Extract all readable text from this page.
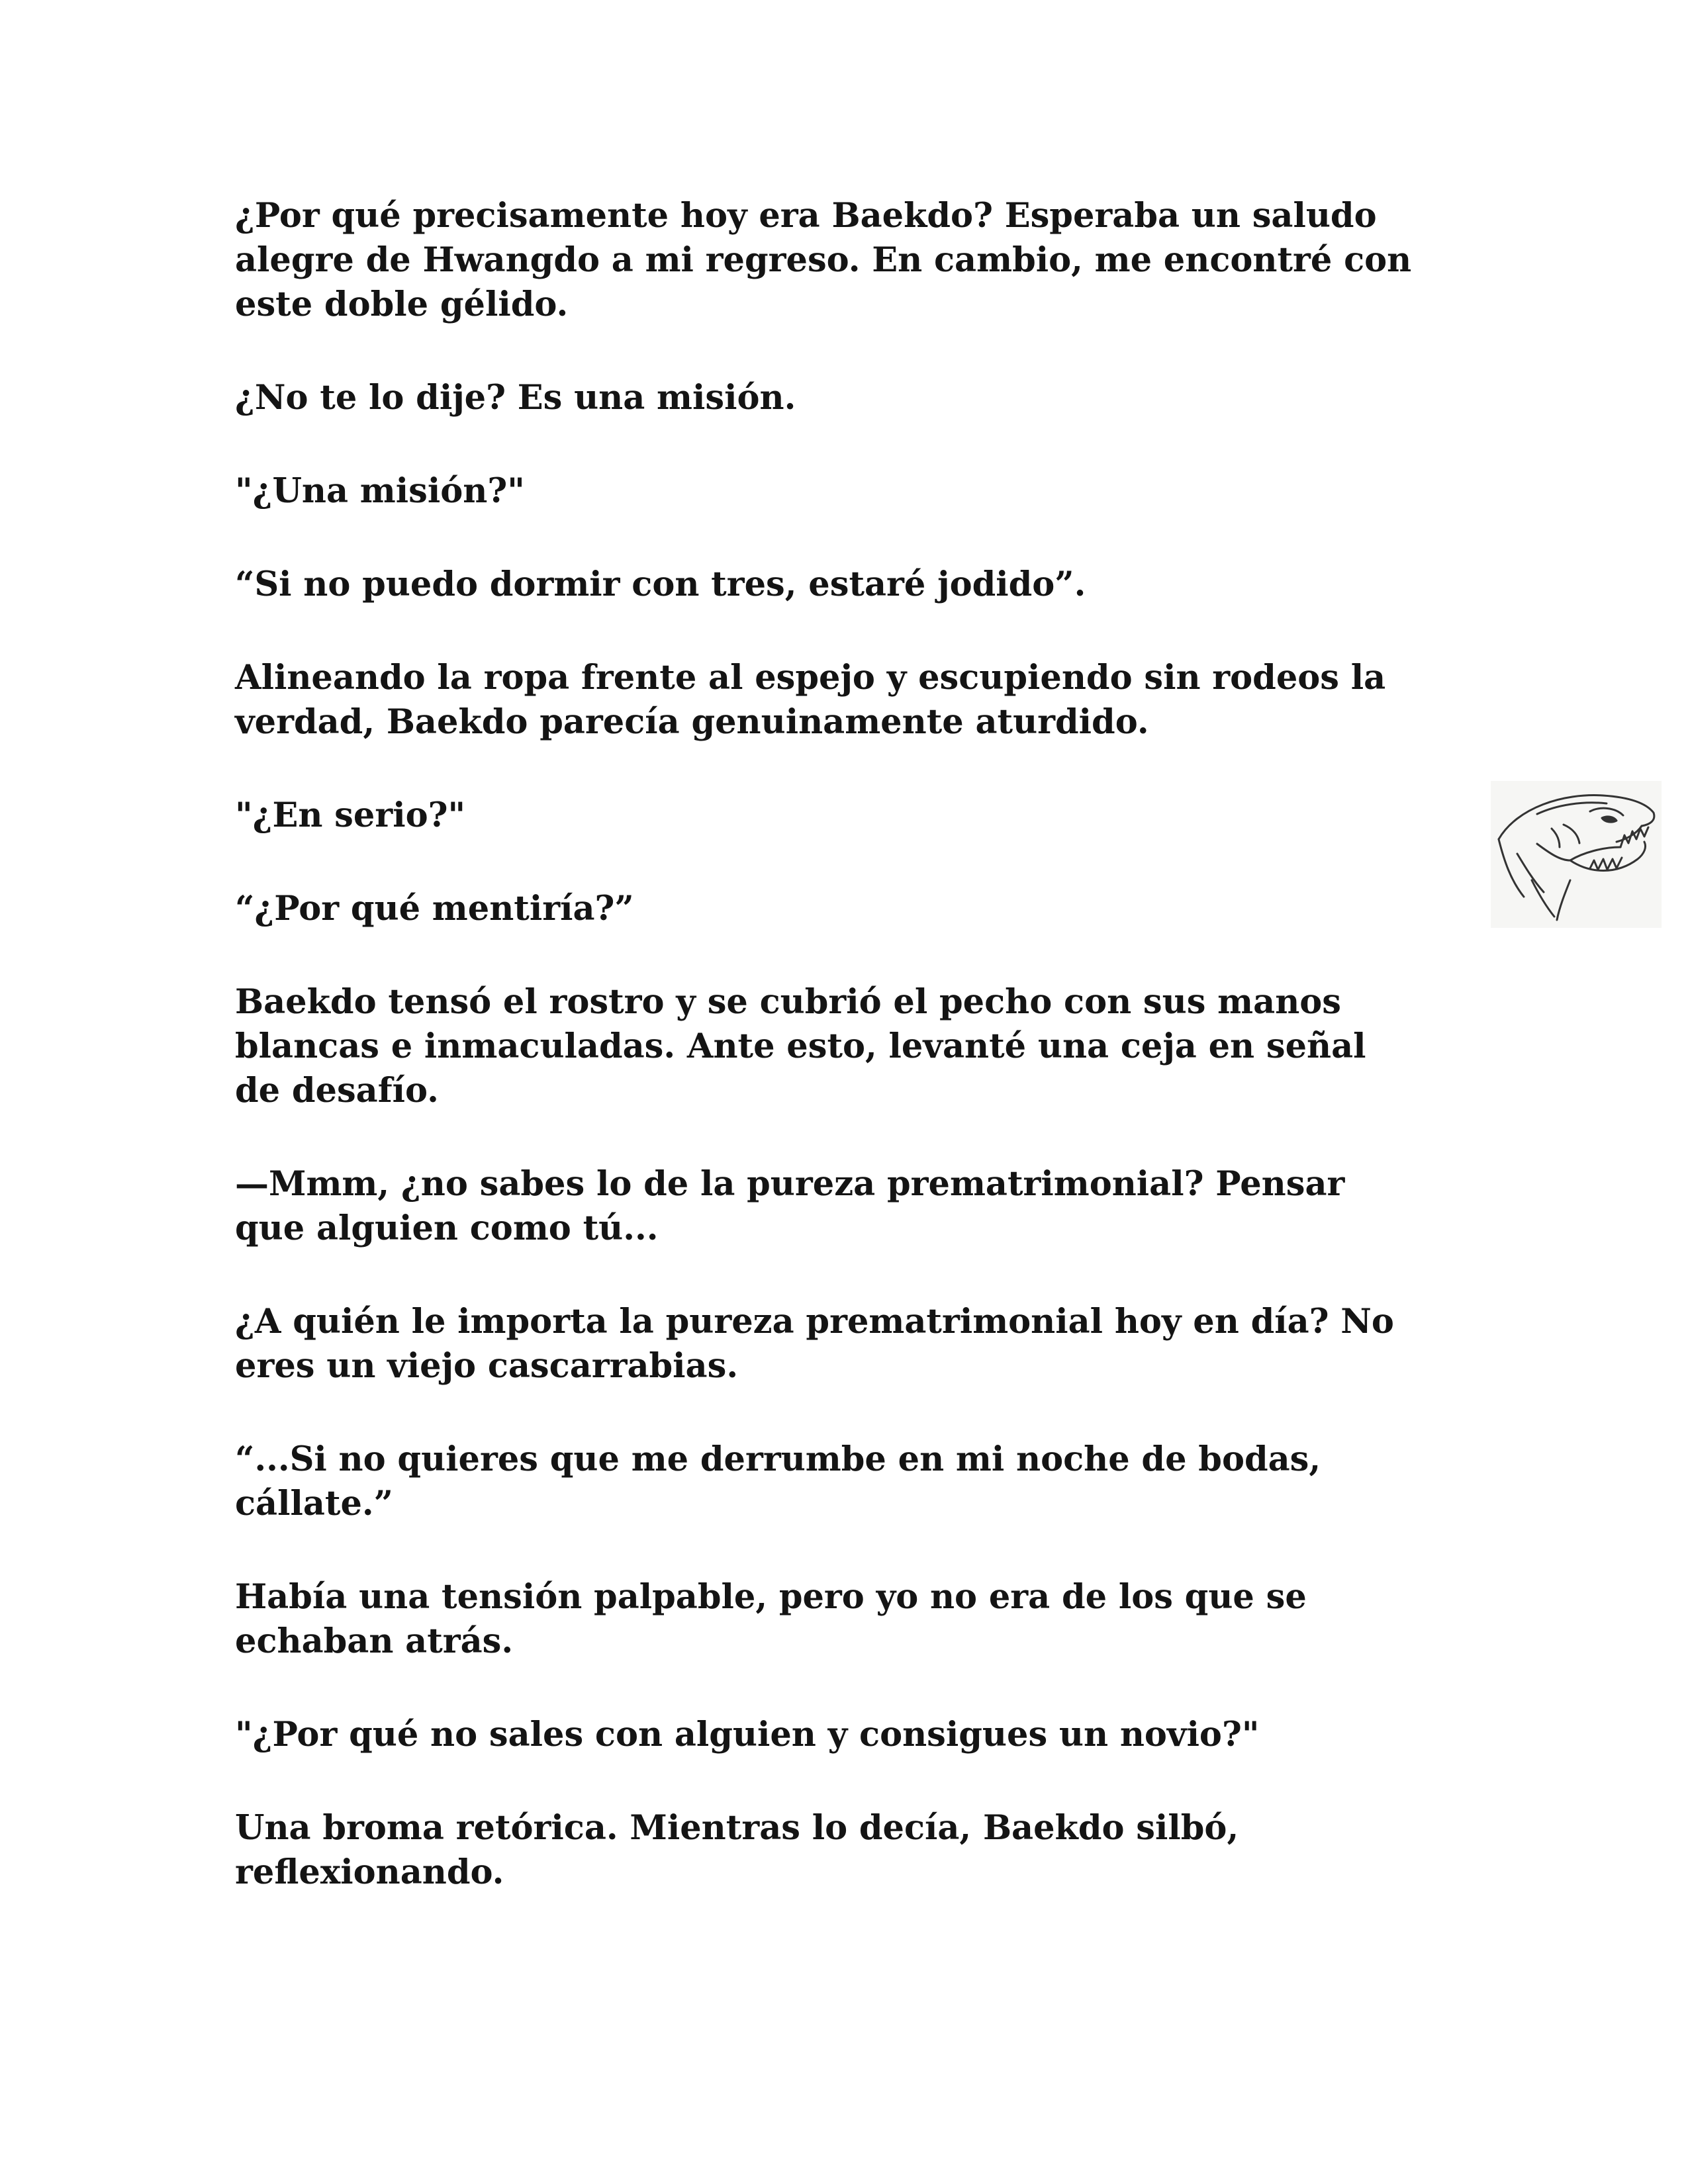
¿Por qué precisamente hoy era Baekdo? Esperaba un saludo
alegre de Hwangdo a mi regreso. En cambio, me encontré con
este doble gélido.

¿No te lo dije? Es una misión.

"¿Una misión?"

“Si no puedo dormir con tres, estaré jodido”.

Alineando la ropa frente al espejo y escupiendo sin rodeos la
verdad, Baekdo parecía genuinamente aturdido.

"¿En serio?"

“¿Por qué mentiría?”

Baekdo tensó el rostro y se cubrió el pecho con sus manos
blancas e inmaculadas. Ante esto, levanté una ceja en señal
de desafío.

—Mmm, ¿no sabes lo de la pureza prematrimonial? Pensar
que alguien como tú...

¿A quién le importa la pureza prematrimonial hoy en día? No
eres un viejo cascarrabias.

“...Si no quieres que me derrumbe en mi noche de bodas,
cállate.”

Había una tensión palpable, pero yo no era de los que se
echaban atrás.

"¿Por qué no sales con alguien y consigues un novio?"

Una broma retórica. Mientras lo decía, Baekdo silbó,
reflexionando.
